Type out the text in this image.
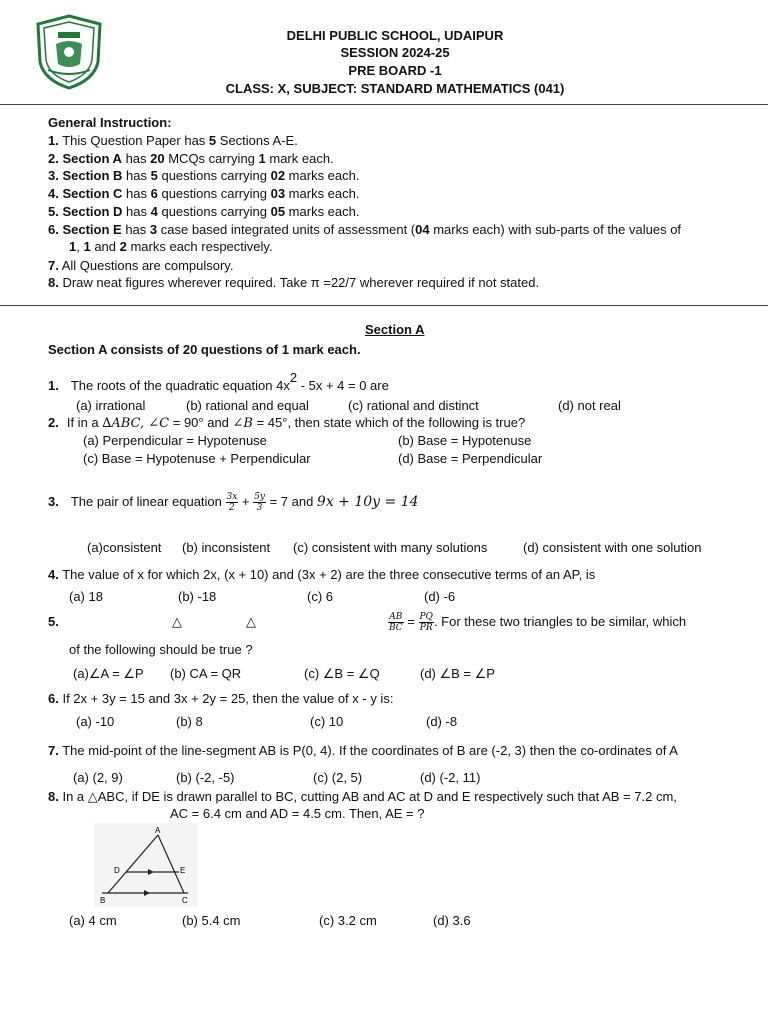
DELHI PUBLIC SCHOOL, UDAIPUR
SESSION 2024-25
PRE BOARD -1
CLASS: X, SUBJECT: STANDARD MATHEMATICS (041)
General Instruction:
1. This Question Paper has 5 Sections A-E.
2. Section A has 20 MCQs carrying 1 mark each.
3. Section B has 5 questions carrying 02 marks each.
4. Section C has 6 questions carrying 03 marks each.
5. Section D has 4 questions carrying 05 marks each.
6. Section E has 3 case based integrated units of assessment (04 marks each) with sub-parts of the values of
1, 1 and 2 marks each respectively.
7. All Questions are compulsory.
8. Draw neat figures wherever required. Take π =22/7 wherever required if not stated.
Section A
Section A consists of 20 questions of 1 mark each.
1. The roots of the quadratic equation $4x^2 - 5x + 4 = 0$ are
(a) irrational	(b) rational and equal	(c) rational and distinct	(d) not real
2. If in a ∆ABC, ∠C = 90° and ∠B = 45°, then state which of the following is true?
(a) Perpendicular = Hypotenuse	(b) Base = Hypotenuse
(c) Base = Hypotenuse + Perpendicular	(d) Base = Perpendicular
3. The pair of linear equation $\frac{3x}{2} + \frac{5y}{3} = 7$ and 9x + 10y = 14
(a)consistent (b) inconsistent (c) consistent with many solutions	(d) consistent with one solution
4. The value of x for which 2x, (x + 10) and (3x + 2) are the three consecutive terms of an AP, is
(a) 18	(b) -18	(c) 6	(d) -6
5.	△	△	$\frac{AB}{BC} = \frac{PQ}{PR}$ . For these two triangles to be similar, which
of the following should be true ?
(a)∠A = ∠P (b) CA = QR	(c) ∠B = ∠Q	(d) ∠B = ∠P
6. If 2x + 3y = 15 and 3x + 2y = 25, then the value of x - y is:
(a) -10	(b) 8	(c) 10	(d) -8
7. The mid-point of the line-segment AB is P(0, 4). If the coordinates of B are (-2, 3) then the co-ordinates of A
(a) (2, 9)	(b) (-2, -5)	(c) (2, 5)	(d) (-2, 11)
8. In a △ABC, if DE is drawn parallel to BC, cutting AB and AC at D and E respectively such that AB = 7.2 cm,
AC = 6.4 cm and AD = 4.5 cm. Then, AE = ?
A
D	E
B	C
(a) 4 cm	(b) 5.4 cm	(c) 3.2 cm	(d) 3.6
